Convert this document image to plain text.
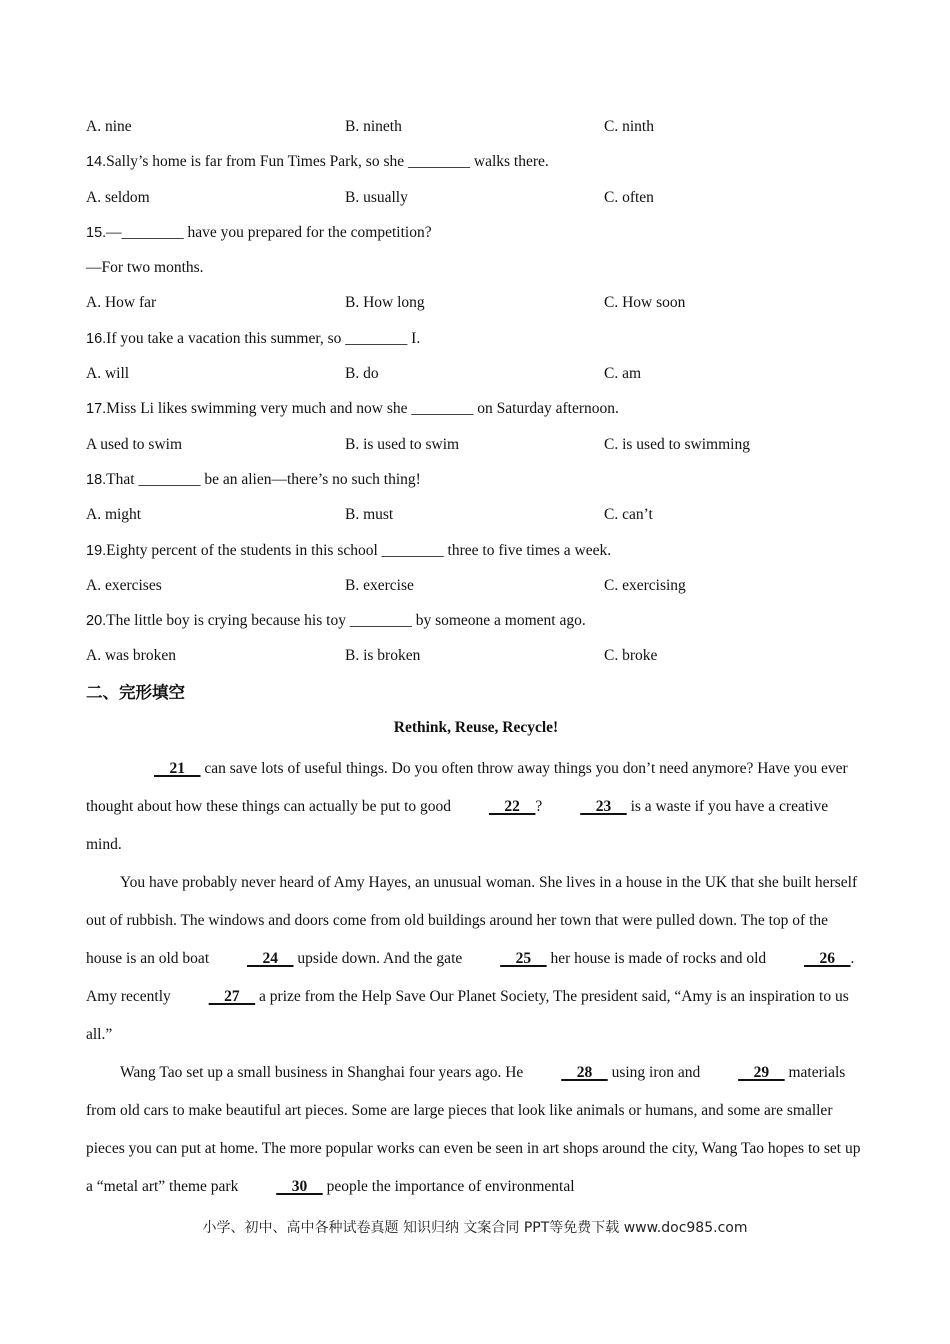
A. nine	B. nineth	C. ninth
14.Sally’s home is far from Fun Times Park, so she ________ walks there.
A. seldom	B. usually	C. often
15.—________ have you prepared for the competition?
—For two months.
A. How far	B. How long	C. How soon
16.If you take a vacation this summer, so ________ I.
A. will	B. do	C. am
17.Miss Li likes swimming very much and now she ________ on Saturday afternoon.
A used to swim	B. is used to swim	C. is used to swimming
18.That ________ be an alien—there’s no such thing!
A. might	B. must	C. can’t
19.Eighty percent of the students in this school ________ three to five times a week.
A. exercises	B. exercise	C. exercising
20.The little boy is crying because his toy ________ by someone a moment ago.
A. was broken	B. is broken	C. broke
二、完形填空
Rethink, Reuse, Recycle!

21     can save lots of useful things. Do you often throw away things you don’t need anymore? Have you ever thought about how these things can actually be put to good     22    ?     23     is a waste if you have a creative mind.

You have probably never heard of Amy Hayes, an unusual woman. She lives in a house in the UK that she built herself out of rubbish. The windows and doors come from old buildings around her town that were pulled down. The top of the house is an old boat     24     upside down. And the gate     25     her house is made of rocks and old     26    . Amy recently     27     a prize from the Help Save Our Planet Society, The president said, “Amy is an inspiration to us all.”

Wang Tao set up a small business in Shanghai four years ago. He     28     using iron and     29     materials from old cars to make beautiful art pieces. Some are large pieces that look like animals or humans, and some are smaller pieces you can put at home. The more popular works can even be seen in art shops around the city, Wang Tao hopes to set up a “metal art” theme park     30     people the importance of environmental

小学、初中、高中各种试卷真题 知识归纳 文案合同 PPT等免费下载 www.doc985.com
